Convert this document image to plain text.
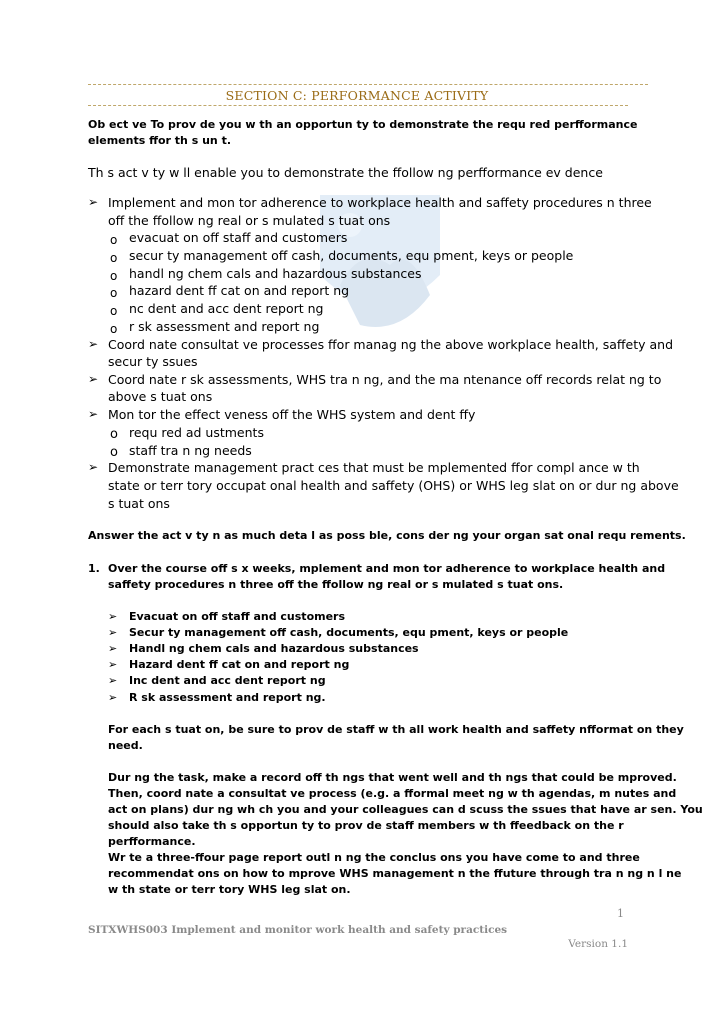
SECTION C: PERFORMANCE ACTIVITY
Ob ect ve To prov de you w th an opportun ty to demonstrate the requ red perfformance elements ffor th s un t.
Th s act v ty w ll enable you to demonstrate the ffollow ng perfformance ev dence
➢ Implement and mon tor adherence to workplace health and saffety procedures n three
off the ffollow ng real or s mulated s tuat ons
o evacuat on off staff and customers
o secur ty management off cash, documents, equ pment, keys or people
o handl ng chem cals and hazardous substances
o hazard dent ff cat on and report ng
o nc dent and acc dent report ng
o r sk assessment and report ng
➢ Coord nate consultat ve processes ffor manag ng the above workplace health, saffety and
secur ty ssues
➢ Coord nate r sk assessments, WHS tra n ng, and the ma ntenance off records relat ng to
above s tuat ons
➢ Mon tor the effect veness off the WHS system and dent ffy
o requ red ad ustments
o staff tra n ng needs
➢ Demonstrate management pract ces that must be mplemented ffor compl ance w th
state or terr tory occupat onal health and saffety (OHS) or WHS leg slat on or dur ng above
s tuat ons
Answer the act v ty n as much deta l as poss ble, cons der ng your organ sat onal requ rements.
1. Over the course off s x weeks, mplement and mon tor adherence to workplace health and
saffety procedures n three off the ffollow ng real or s mulated s tuat ons.
➢ Evacuat on off staff and customers
➢ Secur ty management off cash, documents, equ pment, keys or people
➢ Handl ng chem cals and hazardous substances
➢ Hazard dent ff cat on and report ng
➢ Inc dent and acc dent report ng
➢ R sk assessment and report ng.
For each s tuat on, be sure to prov de staff w th all work health and saffety nfformat on they
need.
Dur ng the task, make a record off th ngs that went well and th ngs that could be mproved.
Then, coord nate a consultat ve process (e.g. a fformal meet ng w th agendas, m nutes and
act on plans) dur ng wh ch you and your colleagues can d scuss the ssues that have ar sen. You
should also take th s opportun ty to prov de staff members w th ffeedback on the r
perfformance.
Wr te a three-ffour page report outl n ng the conclus ons you have come to and three
recommendat ons on how to mprove WHS management n the ffuture through tra n ng n l ne
w th state or terr tory WHS leg slat on.
1
SITXWHS003 Implement and monitor work health and safety practices
Version 1.1
